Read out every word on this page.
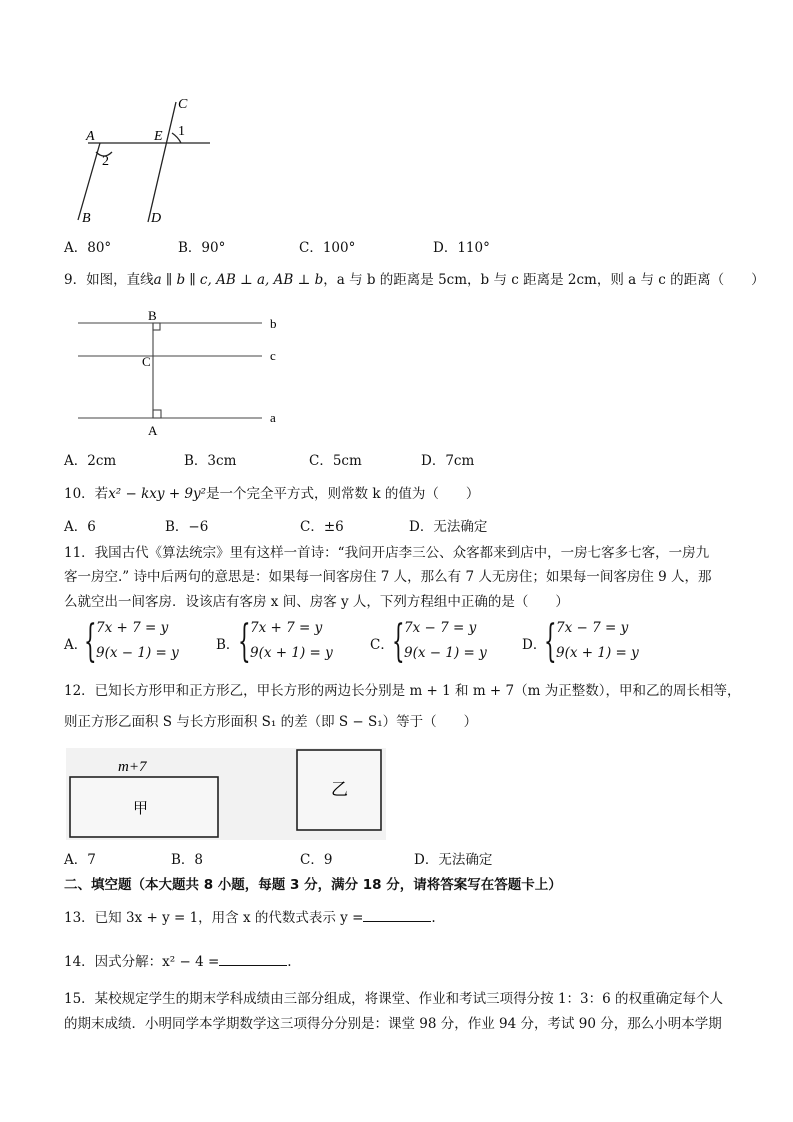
A	E
C
1
2
B	D
A．80°	B．90°	C．100°	D．110°
9．如图，直线a ∥ b ∥ c, AB ⊥ a, AB ⊥ b，a 与 b 的距离是 5cm，b 与 c 距离是 2cm，则 a 与 c 的距离（　　）
B
C
A
b
c
a
A．2cm	B．3cm	C．5cm	D．7cm
10．若x² − kxy + 9y²是一个完全平方式，则常数 k 的值为（　　）
A．6	B．−6	C．±6	D．无法确定
11．我国古代《算法统宗》里有这样一首诗：“我问开店李三公、众客都来到店中，一房七客多七客，一房九
客一房空.” 诗中后两句的意思是：如果每一间客房住 7 人，那么有 7 人无房住；如果每一间客房住 9 人，那
么就空出一间客房．设该店有客房 x 间、房客 y 人，下列方程组中正确的是（　　）
A．
{ 7x + 7 = y
9(x − 1) = y	B．
{ 7x + 7 = y
9(x + 1) = y	C．
{ 7x − 7 = y
9(x − 1) = y	D．
{ 7x − 7 = y
9(x + 1) = y
12．已知长方形甲和正方形乙，甲长方形的两边长分别是 m + 1 和 m + 7（m 为正整数），甲和乙的周长相等，
则正方形乙面积 S 与长方形面积 S₁ 的差（即 S − S₁）等于（　　）
m+7
甲
乙
A．7	B．8	C．9	D．无法确定
二、填空题（本大题共 8 小题，每题 3 分，满分 18 分，请将答案写在答题卡上）
13．已知 3x + y = 1，用含 x 的代数式表示 y =	.
14．因式分解：x² − 4 =	.
15．某校规定学生的期末学科成绩由三部分组成，将课堂、作业和考试三项得分按 1：3：6 的权重确定每个人
的期末成绩．小明同学本学期数学这三项得分分别是：课堂 98 分，作业 94 分，考试 90 分，那么小明本学期
